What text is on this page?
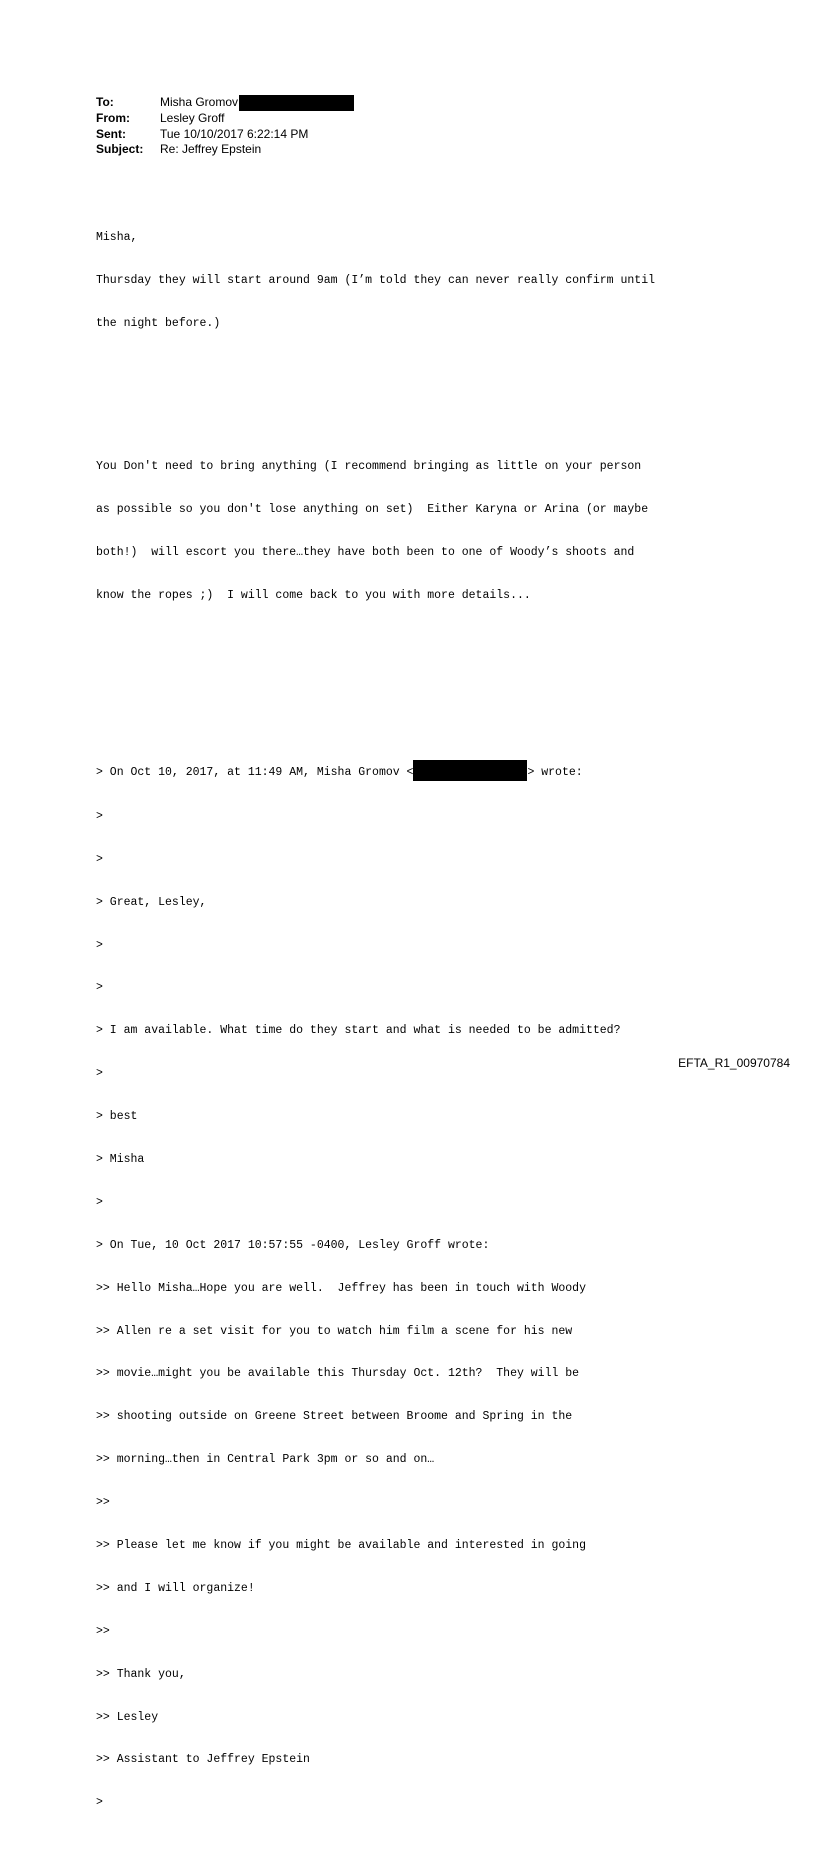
To:	Misha Gromov
From:	Lesley Groff
Sent:	Tue 10/10/2017 6:22:14 PM
Subject:	Re: Jeffrey Epstein

Misha,

Thursday they will start around 9am (I’m told they can never really confirm until

the night before.)

You Don't need to bring anything (I recommend bringing as little on your person

as possible so you don't lose anything on set)  Either Karyna or Arina (or maybe

both!)  will escort you there…they have both been to one of Woody’s shoots and

know the ropes ;)  I will come back to you with more details...

> On Oct 10, 2017, at 11:49 AM, Misha Gromov <	> wrote:

>

>

> Great, Lesley,

>

>

> I am available. What time do they start and what is needed to be admitted?

>

> best

> Misha

>

> On Tue, 10 Oct 2017 10:57:55 -0400, Lesley Groff wrote:

>> Hello Misha…Hope you are well.  Jeffrey has been in touch with Woody

>> Allen re a set visit for you to watch him film a scene for his new

>> movie…might you be available this Thursday Oct. 12th?  They will be

>> shooting outside on Greene Street between Broome and Spring in the

>> morning…then in Central Park 3pm or so and on…

>>

>> Please let me know if you might be available and interested in going

>> and I will organize!

>>

>> Thank you,

>> Lesley

>> Assistant to Jeffrey Epstein

>

EFTA_R1_00970784
